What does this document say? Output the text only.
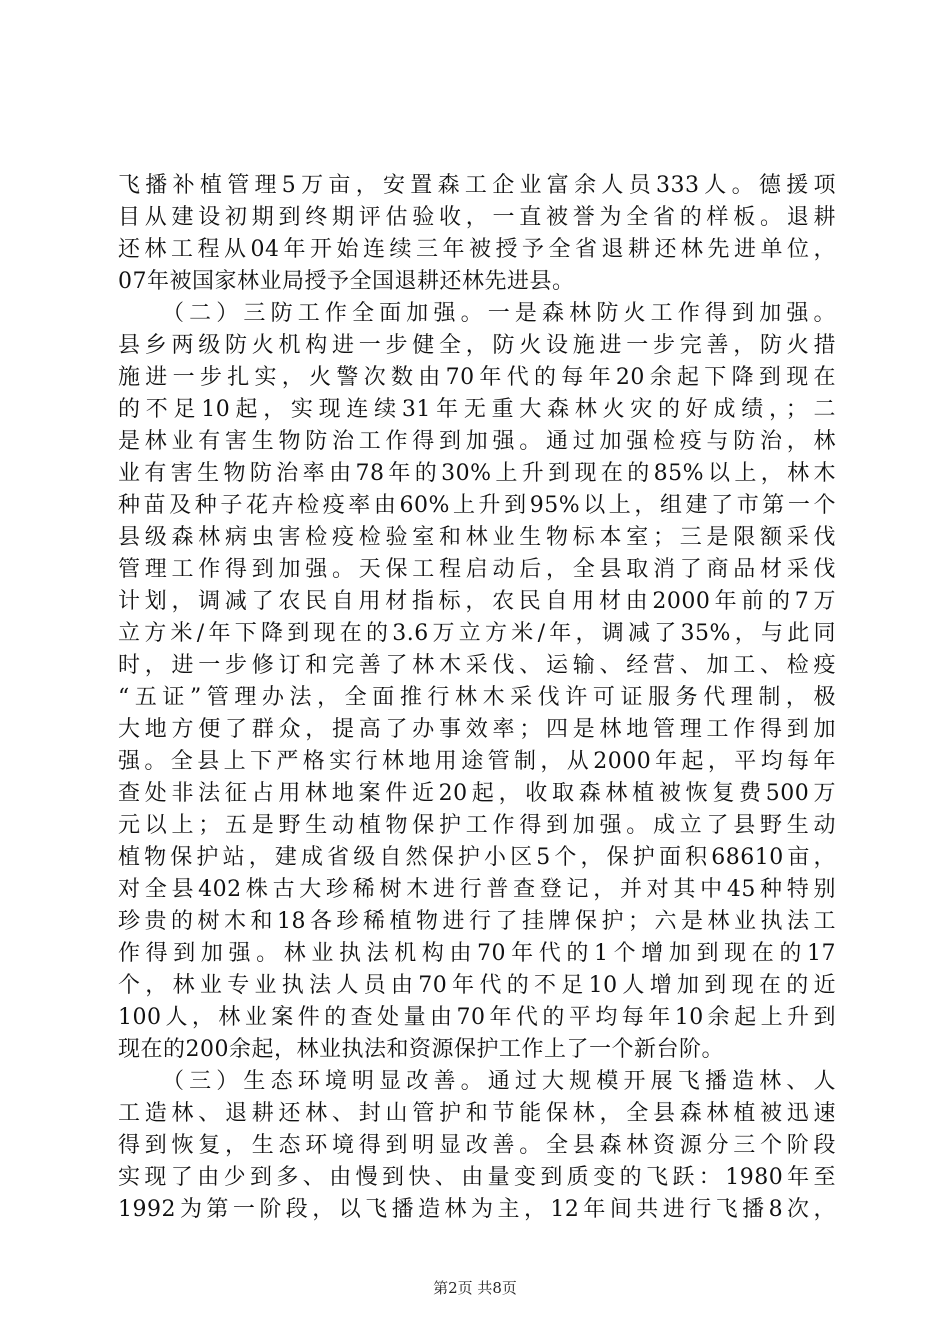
飞播补植管理5万亩，安置森工企业富余人员333人。德援项
目从建设初期到终期评估验收，一直被誉为全省的样板。退耕
还林工程从04年开始连续三年被授予全省退耕还林先进单位，
07年被国家林业局授予全国退耕还林先进县。
（二）三防工作全面加强。一是森林防火工作得到加强。
县乡两级防火机构进一步健全，防火设施进一步完善，防火措
施进一步扎实，火警次数由70年代的每年20余起下降到现在
的不足10起，实现连续31年无重大森林火灾的好成绩，；二
是林业有害生物防治工作得到加强。通过加强检疫与防治，林
业有害生物防治率由78年的30%上升到现在的85%以上，林木
种苗及种子花卉检疫率由60%上升到95%以上，组建了市第一个
县级森林病虫害检疫检验室和林业生物标本室；三是限额采伐
管理工作得到加强。天保工程启动后，全县取消了商品材采伐
计划，调减了农民自用材指标，农民自用材由2000年前的7万
立方米/年下降到现在的3.6万立方米/年，调减了35%，与此同
时，进一步修订和完善了林木采伐、运输、经营、加工、检疫
“五证”管理办法，全面推行林木采伐许可证服务代理制，极
大地方便了群众，提高了办事效率；四是林地管理工作得到加
强。全县上下严格实行林地用途管制，从2000年起，平均每年
查处非法征占用林地案件近20起，收取森林植被恢复费500万
元以上；五是野生动植物保护工作得到加强。成立了县野生动
植物保护站，建成省级自然保护小区5个，保护面积68610亩，
对全县402株古大珍稀树木进行普查登记，并对其中45种特别
珍贵的树木和18各珍稀植物进行了挂牌保护；六是林业执法工
作得到加强。林业执法机构由70年代的1个增加到现在的17
个，林业专业执法人员由70年代的不足10人增加到现在的近
100人，林业案件的查处量由70年代的平均每年10余起上升到
现在的200余起，林业执法和资源保护工作上了一个新台阶。
（三）生态环境明显改善。通过大规模开展飞播造林、人
工造林、退耕还林、封山管护和节能保林，全县森林植被迅速
得到恢复，生态环境得到明显改善。全县森林资源分三个阶段
实现了由少到多、由慢到快、由量变到质变的飞跃：1980年至
1992为第一阶段，以飞播造林为主，12年间共进行飞播8次，
第2页 共8页
